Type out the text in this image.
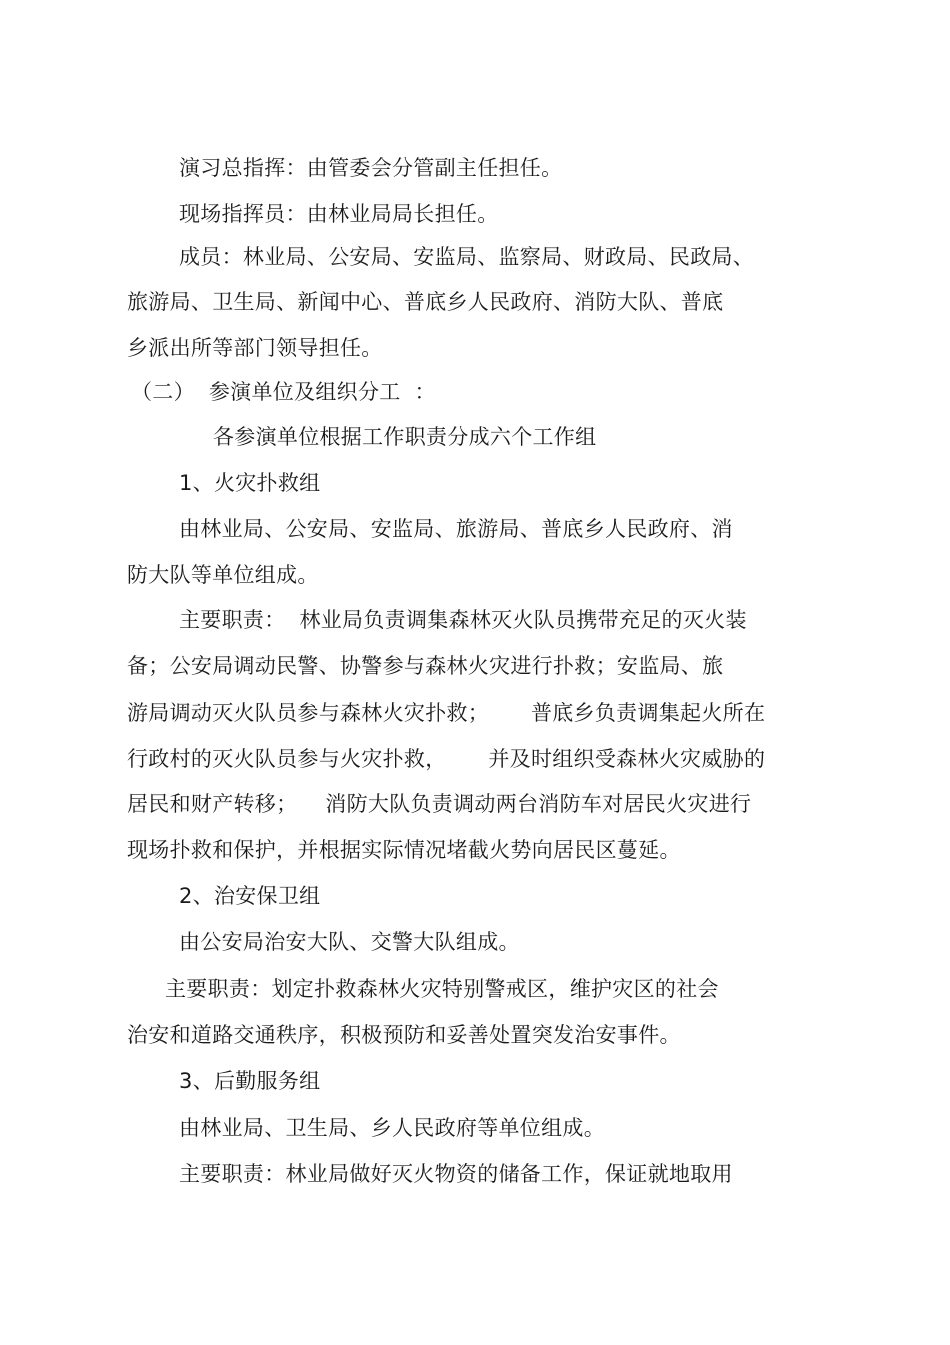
演习总指挥：由管委会分管副主任担任。
现场指挥员：由林业局局长担任。
成员：林业局、公安局、安监局、监察局、财政局、民政局、
旅游局、卫生局、新闻中心、普底乡人民政府、消防大队、普底
乡派出所等部门领导担任。
（二）  参演单位及组织分工  ：
各参演单位根据工作职责分成六个工作组
1、火灾扑救组
由林业局、公安局、安监局、旅游局、普底乡人民政府、消
防大队等单位组成。
主要职责：  林业局负责调集森林灭火队员携带充足的灭火装
备；公安局调动民警、协警参与森林火灾进行扑救；安监局、旅
游局调动灭火队员参与森林火灾扑救；      普底乡负责调集起火所在
行政村的灭火队员参与火灾扑救，      并及时组织受森林火灾威胁的
居民和财产转移；    消防大队负责调动两台消防车对居民火灾进行
现场扑救和保护，并根据实际情况堵截火势向居民区蔓延。
2、治安保卫组
由公安局治安大队、交警大队组成。
主要职责：划定扑救森林火灾特别警戒区，维护灾区的社会
治安和道路交通秩序，积极预防和妥善处置突发治安事件。
3、后勤服务组
由林业局、卫生局、乡人民政府等单位组成。
主要职责：林业局做好灭火物资的储备工作，保证就地取用
